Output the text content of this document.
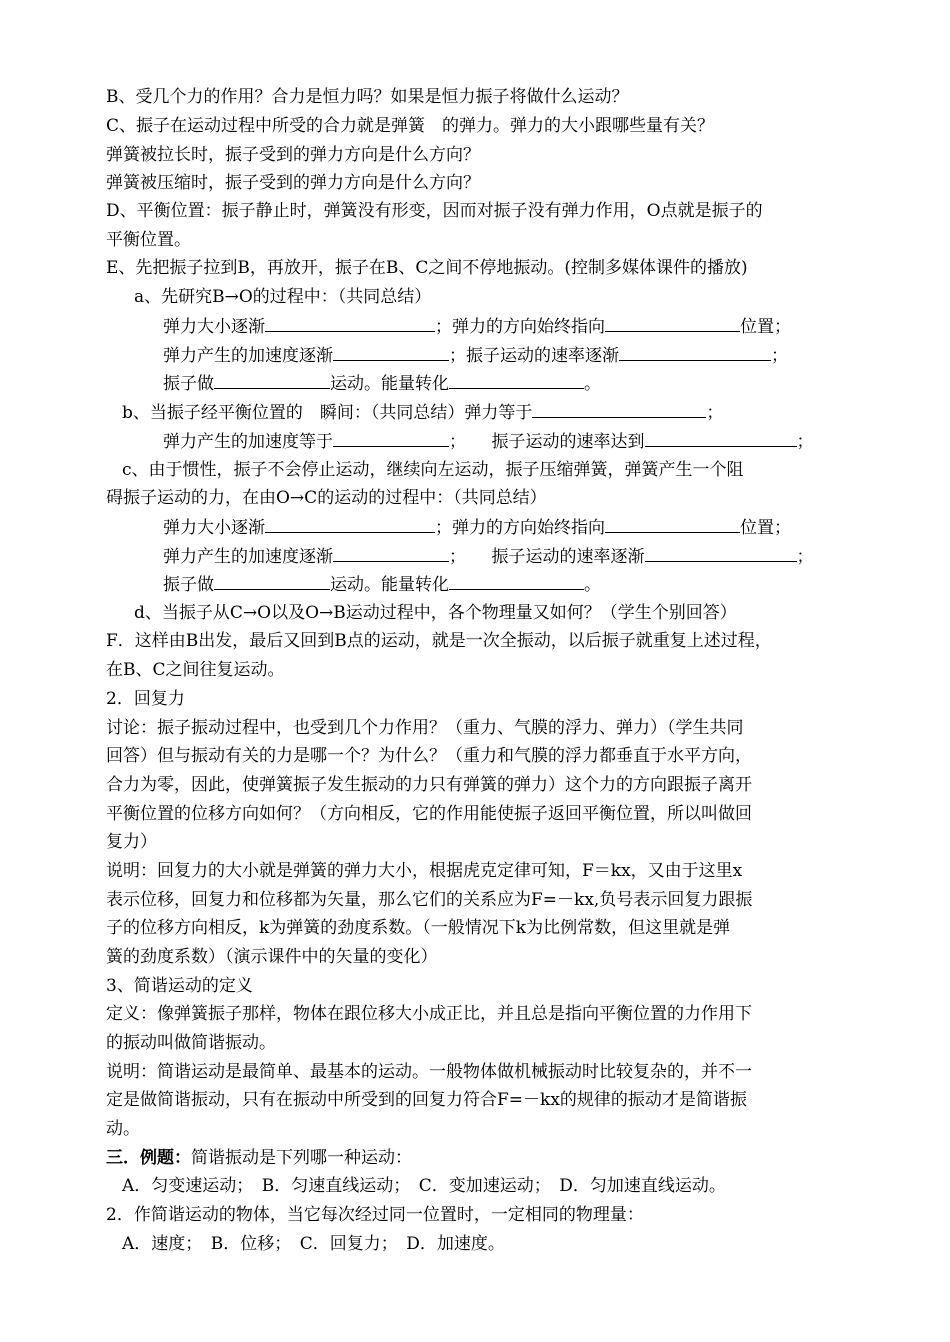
B、受几个力的作用？合力是恒力吗？如果是恒力振子将做什么运动？
C、振子在运动过程中所受的合力就是弹簧　的弹力。弹力的大小跟哪些量有关？
弹簧被拉长时，振子受到的弹力方向是什么方向？
弹簧被压缩时，振子受到的弹力方向是什么方向？
D、平衡位置：振子静止时，弹簧没有形变，因而对振子没有弹力作用，O点就是振子的
平衡位置。
E、先把振子拉到B，再放开，振子在B、C之间不停地振动。(控制多媒体课件的播放)
a、先研究B→O的过程中：（共同总结）
弹力大小逐渐	；弹力的方向始终指向	位置；
弹力产生的加速度逐渐	；振子运动的速率逐渐	；
振子做	运动。能量转化	。
b、当振子经平衡位置的　瞬间：（共同总结）弹力等于	；
弹力产生的加速度等于	；　　振子运动的速率达到	；
c、由于惯性，振子不会停止运动，继续向左运动，振子压缩弹簧，弹簧产生一个阻
碍振子运动的力，在由O→C的运动的过程中：（共同总结）
弹力大小逐渐	；弹力的方向始终指向	位置；
弹力产生的加速度逐渐	；　　振子运动的速率逐渐	；
振子做	运动。能量转化	。
d、当振子从C→O以及O→B运动过程中，各个物理量又如何？（学生个别回答）
F．这样由B出发，最后又回到B点的运动，就是一次全振动，以后振子就重复上述过程，
在B、C之间往复运动。
2．回复力
讨论：振子振动过程中，也受到几个力作用？（重力、气膜的浮力、弹力）（学生共同
回答）但与振动有关的力是哪一个？为什么？（重力和气膜的浮力都垂直于水平方向，
合力为零，因此，使弹簧振子发生振动的力只有弹簧的弹力）这个力的方向跟振子离开
平衡位置的位移方向如何？（方向相反，它的作用能使振子返回平衡位置，所以叫做回
复力）
说明：回复力的大小就是弹簧的弹力大小，根据虎克定律可知，F＝kx，又由于这里x
表示位移，回复力和位移都为矢量，那么它们的关系应为F=－kx,负号表示回复力跟振
子的位移方向相反，k为弹簧的劲度系数。（一般情况下k为比例常数，但这里就是弹
簧的劲度系数）（演示课件中的矢量的变化）
3、简谐运动的定义
定义：像弹簧振子那样，物体在跟位移大小成正比，并且总是指向平衡位置的力作用下
的振动叫做简谐振动。
说明：简谐运动是最简单、最基本的运动。一般物体做机械振动时比较复杂的，并不一
定是做简谐振动，只有在振动中所受到的回复力符合F=－kx的规律的振动才是简谐振
动。
三．例题：简谐振动是下列哪一种运动：
A．匀变速运动；　B．匀速直线运动；　C．变加速运动；　D．匀加速直线运动。
2．作简谐运动的物体，当它每次经过同一位置时，一定相同的物理量：
A．速度；　B．位移；　C．回复力；　D．加速度。
